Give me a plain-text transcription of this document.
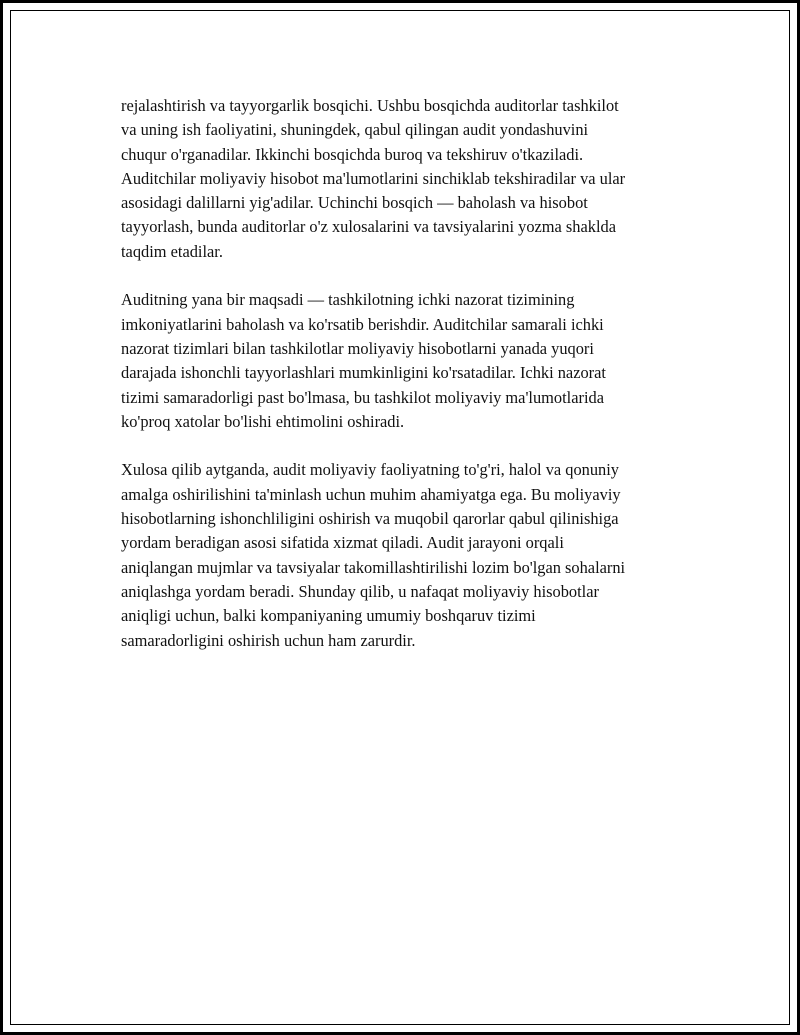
rejalashtirish va tayyorgarlik bosqichi. Ushbu bosqichda auditorlar tashkilot
va uning ish faoliyatini, shuningdek, qabul qilingan audit yondashuvini
chuqur o'rganadilar. Ikkinchi bosqichda buroq va tekshiruv o'tkaziladi.
Auditchilar moliyaviy hisobot ma'lumotlarini sinchiklab tekshiradilar va ular
asosidagi dalillarni yig'adilar. Uchinchi bosqich — baholash va hisobot
tayyorlash, bunda auditorlar o'z xulosalarini va tavsiyalarini yozma shaklda
taqdim etadilar.

Auditning yana bir maqsadi — tashkilotning ichki nazorat tizimining
imkoniyatlarini baholash va ko'rsatib berishdir. Auditchilar samarali ichki
nazorat tizimlari bilan tashkilotlar moliyaviy hisobotlarni yanada yuqori
darajada ishonchli tayyorlashlari mumkinligini ko'rsatadilar. Ichki nazorat
tizimi samaradorligi past bo'lmasa, bu tashkilot moliyaviy ma'lumotlarida
ko'proq xatolar bo'lishi ehtimolini oshiradi.

Xulosa qilib aytganda, audit moliyaviy faoliyatning to'g'ri, halol va qonuniy
amalga oshirilishini ta'minlash uchun muhim ahamiyatga ega. Bu moliyaviy
hisobotlarning ishonchliligini oshirish va muqobil qarorlar qabul qilinishiga
yordam beradigan asosi sifatida xizmat qiladi. Audit jarayoni orqali
aniqlangan mujmlar va tavsiyalar takomillashtirilishi lozim bo'lgan sohalarni
aniqlashga yordam beradi. Shunday qilib, u nafaqat moliyaviy hisobotlar
aniqligi uchun, balki kompaniyaning umumiy boshqaruv tizimi
samaradorligini oshirish uchun ham zarurdir.
